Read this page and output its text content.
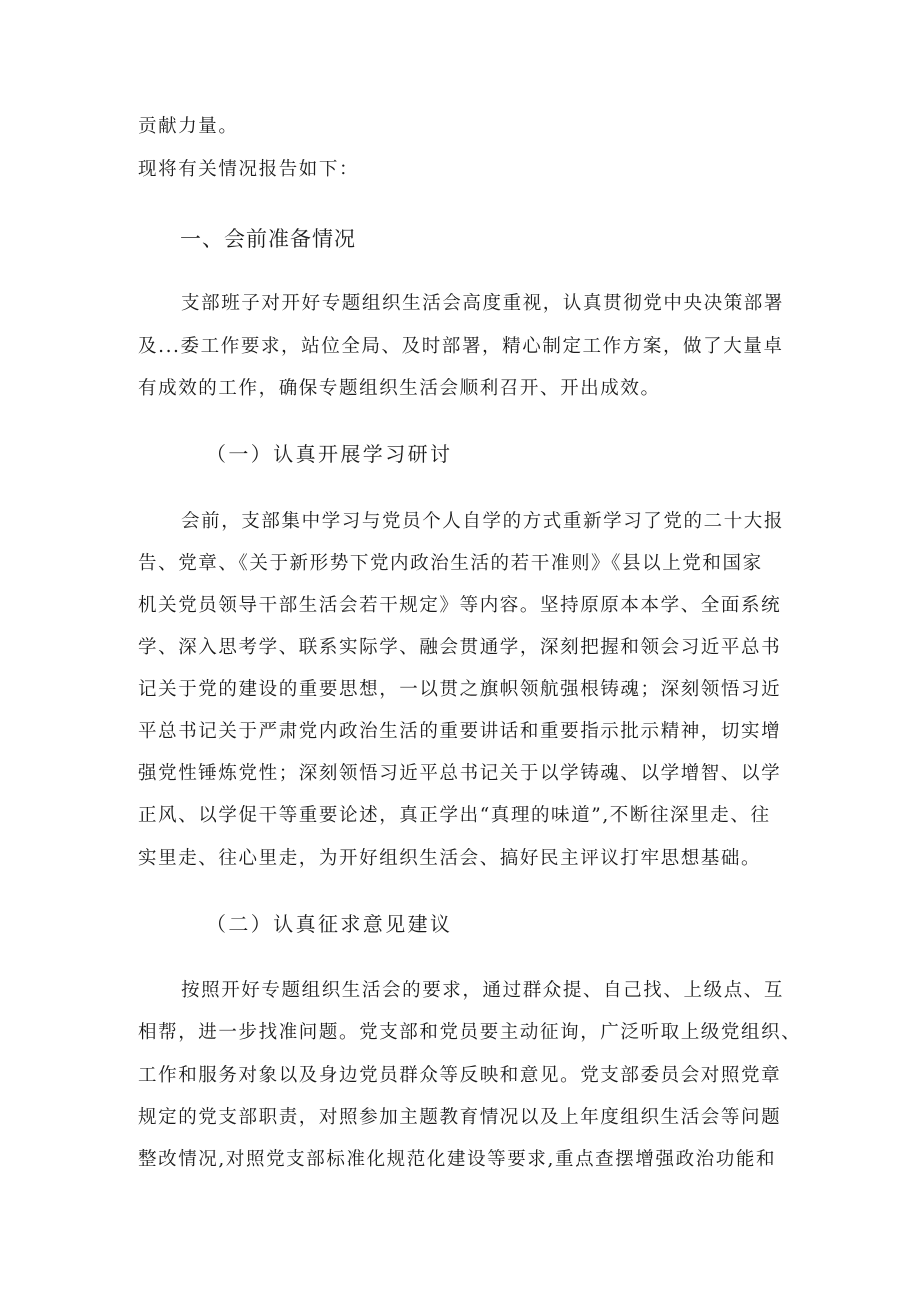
贡献力量。
现将有关情况报告如下：
一、会前准备情况
支部班子对开好专题组织生活会高度重视，认真贯彻党中央决策部署
及...委工作要求，站位全局、及时部署，精心制定工作方案，做了大量卓
有成效的工作，确保专题组织生活会顺利召开、开出成效。
（一）认真开展学习研讨
会前，支部集中学习与党员个人自学的方式重新学习了党的二十大报
告、党章、《关于新形势下党内政治生活的若干准则》《县以上党和国家
机关党员领导干部生活会若干规定》等内容。坚持原原本本学、全面系统
学、深入思考学、联系实际学、融会贯通学，深刻把握和领会习近平总书
记关于党的建设的重要思想，一以贯之旗帜领航强根铸魂；深刻领悟习近
平总书记关于严肃党内政治生活的重要讲话和重要指示批示精神，切实增
强党性锤炼党性；深刻领悟习近平总书记关于以学铸魂、以学增智、以学
正风、以学促干等重要论述，真正学出“真理的味道”,不断往深里走、往
实里走、往心里走，为开好组织生活会、搞好民主评议打牢思想基础。
（二）认真征求意见建议
按照开好专题组织生活会的要求，通过群众提、自己找、上级点、互
相帮，进一步找准问题。党支部和党员要主动征询，广泛听取上级党组织、
工作和服务对象以及身边党员群众等反映和意见。党支部委员会对照党章
规定的党支部职责，对照参加主题教育情况以及上年度组织生活会等问题
整改情况,对照党支部标准化规范化建设等要求,重点查摆增强政治功能和
